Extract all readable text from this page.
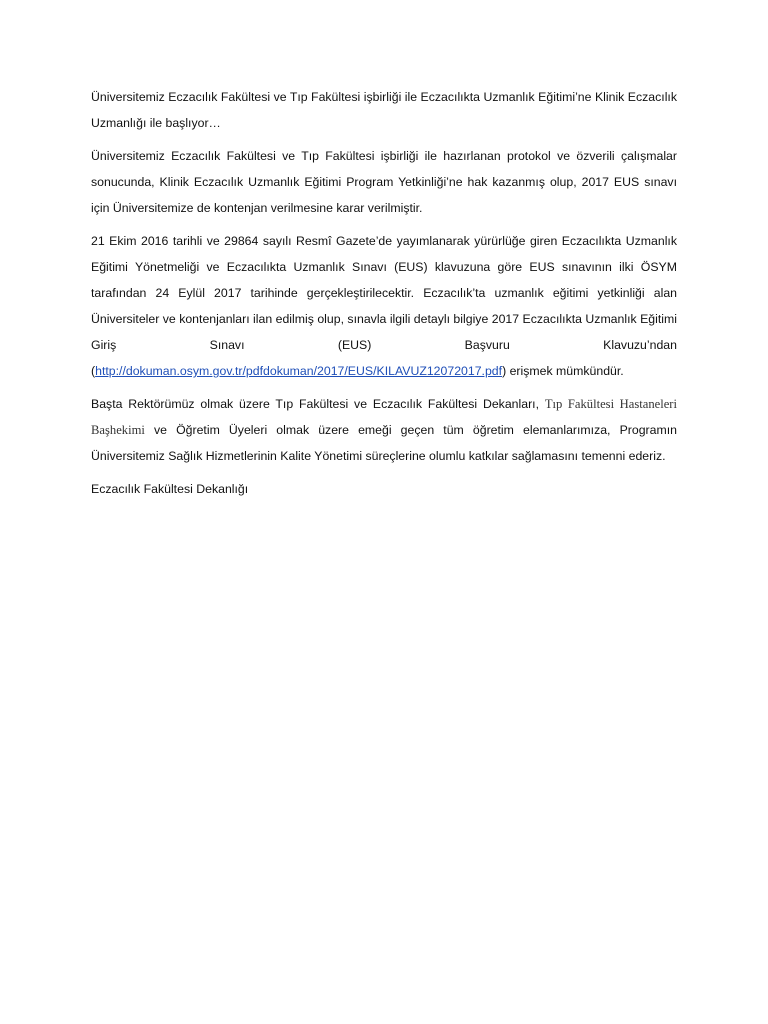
Üniversitemiz Eczacılık Fakültesi ve Tıp Fakültesi işbirliği ile Eczacılıkta Uzmanlık Eğitimi’ne Klinik Eczacılık Uzmanlığı ile başlıyor…

Üniversitemiz Eczacılık Fakültesi ve Tıp Fakültesi işbirliği ile hazırlanan protokol ve özverili çalışmalar sonucunda, Klinik Eczacılık Uzmanlık Eğitimi Program Yetkinliği’ne hak kazanmış olup, 2017 EUS sınavı için Üniversitemize de kontenjan verilmesine karar verilmiştir.

21 Ekim 2016 tarihli ve 29864 sayılı Resmî Gazete’de yayımlanarak yürürlüğe giren Eczacılıkta Uzmanlık Eğitimi Yönetmeliği ve Eczacılıkta Uzmanlık Sınavı (EUS) klavuzuna göre EUS sınavının ilki ÖSYM tarafından 24 Eylül 2017 tarihinde gerçekleştirilecektir. Eczacılık’ta uzmanlık eğitimi yetkinliği alan Üniversiteler ve kontenjanları ilan edilmiş olup, sınavla ilgili detaylı bilgiye 2017 Eczacılıkta Uzmanlık Eğitimi Giriş Sınavı (EUS) Başvuru Klavuzu’ndan (http://dokuman.osym.gov.tr/pdfdokuman/2017/EUS/KILAVUZ12072017.pdf) erişmek mümkündür.

Başta Rektörümüz olmak üzere Tıp Fakültesi ve Eczacılık Fakültesi Dekanları, Tıp Fakültesi Hastaneleri Başhekimi ve Öğretim Üyeleri olmak üzere emeği geçen tüm öğretim elemanlarımıza, Programın Üniversitemiz Sağlık Hizmetlerinin Kalite Yönetimi süreçlerine olumlu katkılar sağlamasını temenni ederiz.

Eczacılık Fakültesi Dekanlığı
